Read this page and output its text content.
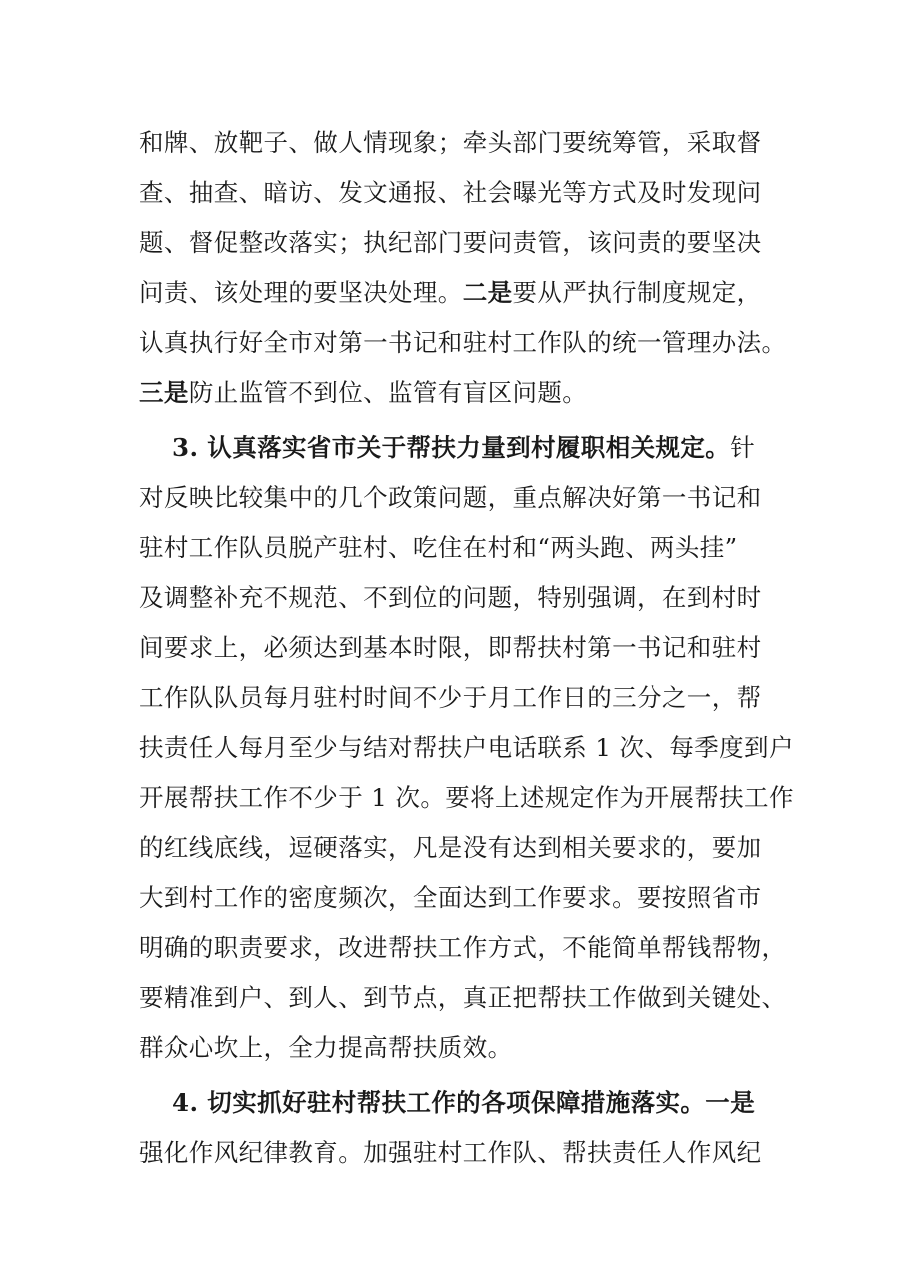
和牌、放靶子、做人情现象；牵头部门要统筹管，采取督
查、抽查、暗访、发文通报、社会曝光等方式及时发现问
题、督促整改落实；执纪部门要问责管，该问责的要坚决
问责、该处理的要坚决处理。二是要从严执行制度规定，
认真执行好全市对第一书记和驻村工作队的统一管理办法。
三是防止监管不到位、监管有盲区问题。
3. 认真落实省市关于帮扶力量到村履职相关规定。针
对反映比较集中的几个政策问题，重点解决好第一书记和
驻村工作队员脱产驻村、吃住在村和“两头跑、两头挂”
及调整补充不规范、不到位的问题，特别强调，在到村时
间要求上，必须达到基本时限，即帮扶村第一书记和驻村
工作队队员每月驻村时间不少于月工作日的三分之一，帮
扶责任人每月至少与结对帮扶户电话联系 1 次、每季度到户
开展帮扶工作不少于 1 次。要将上述规定作为开展帮扶工作
的红线底线，逗硬落实，凡是没有达到相关要求的，要加
大到村工作的密度频次，全面达到工作要求。要按照省市
明确的职责要求，改进帮扶工作方式，不能简单帮钱帮物，
要精准到户、到人、到节点，真正把帮扶工作做到关键处、
群众心坎上，全力提高帮扶质效。
4. 切实抓好驻村帮扶工作的各项保障措施落实。一是
强化作风纪律教育。加强驻村工作队、帮扶责任人作风纪
